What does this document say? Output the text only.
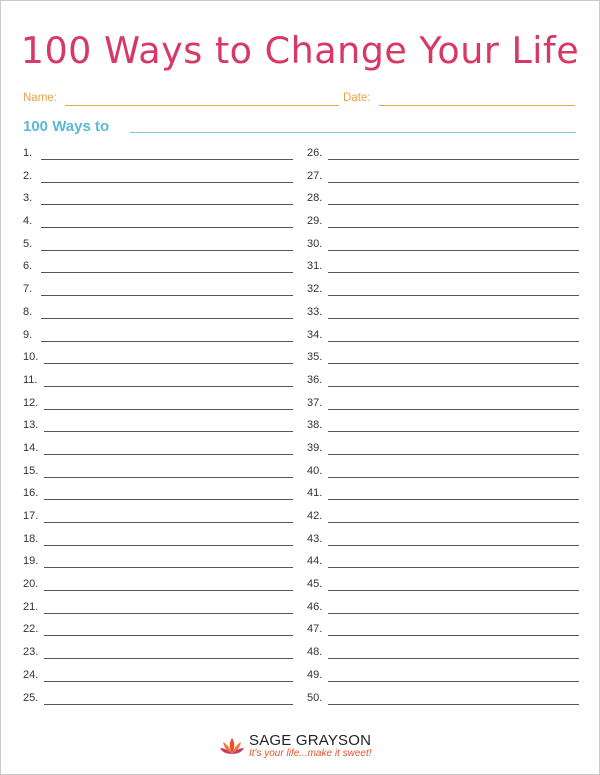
100 Ways to Change Your Life
Name:	Date:
100 Ways to
1.
2.
3.
4.
5.
6.
7.
8.
9.
10.
11.
12.
13.
14.
15.
16.
17.
18.
19.
20.
21.
22.
23.
24.
25.
26.
27.
28.
29.
30.
31.
32.
33.
34.
35.
36.
37.
38.
39.
40.
41.
42.
43.
44.
45.
46.
47.
48.
49.
50.
SAGE GRAYSON
It's your life...make it sweet!
